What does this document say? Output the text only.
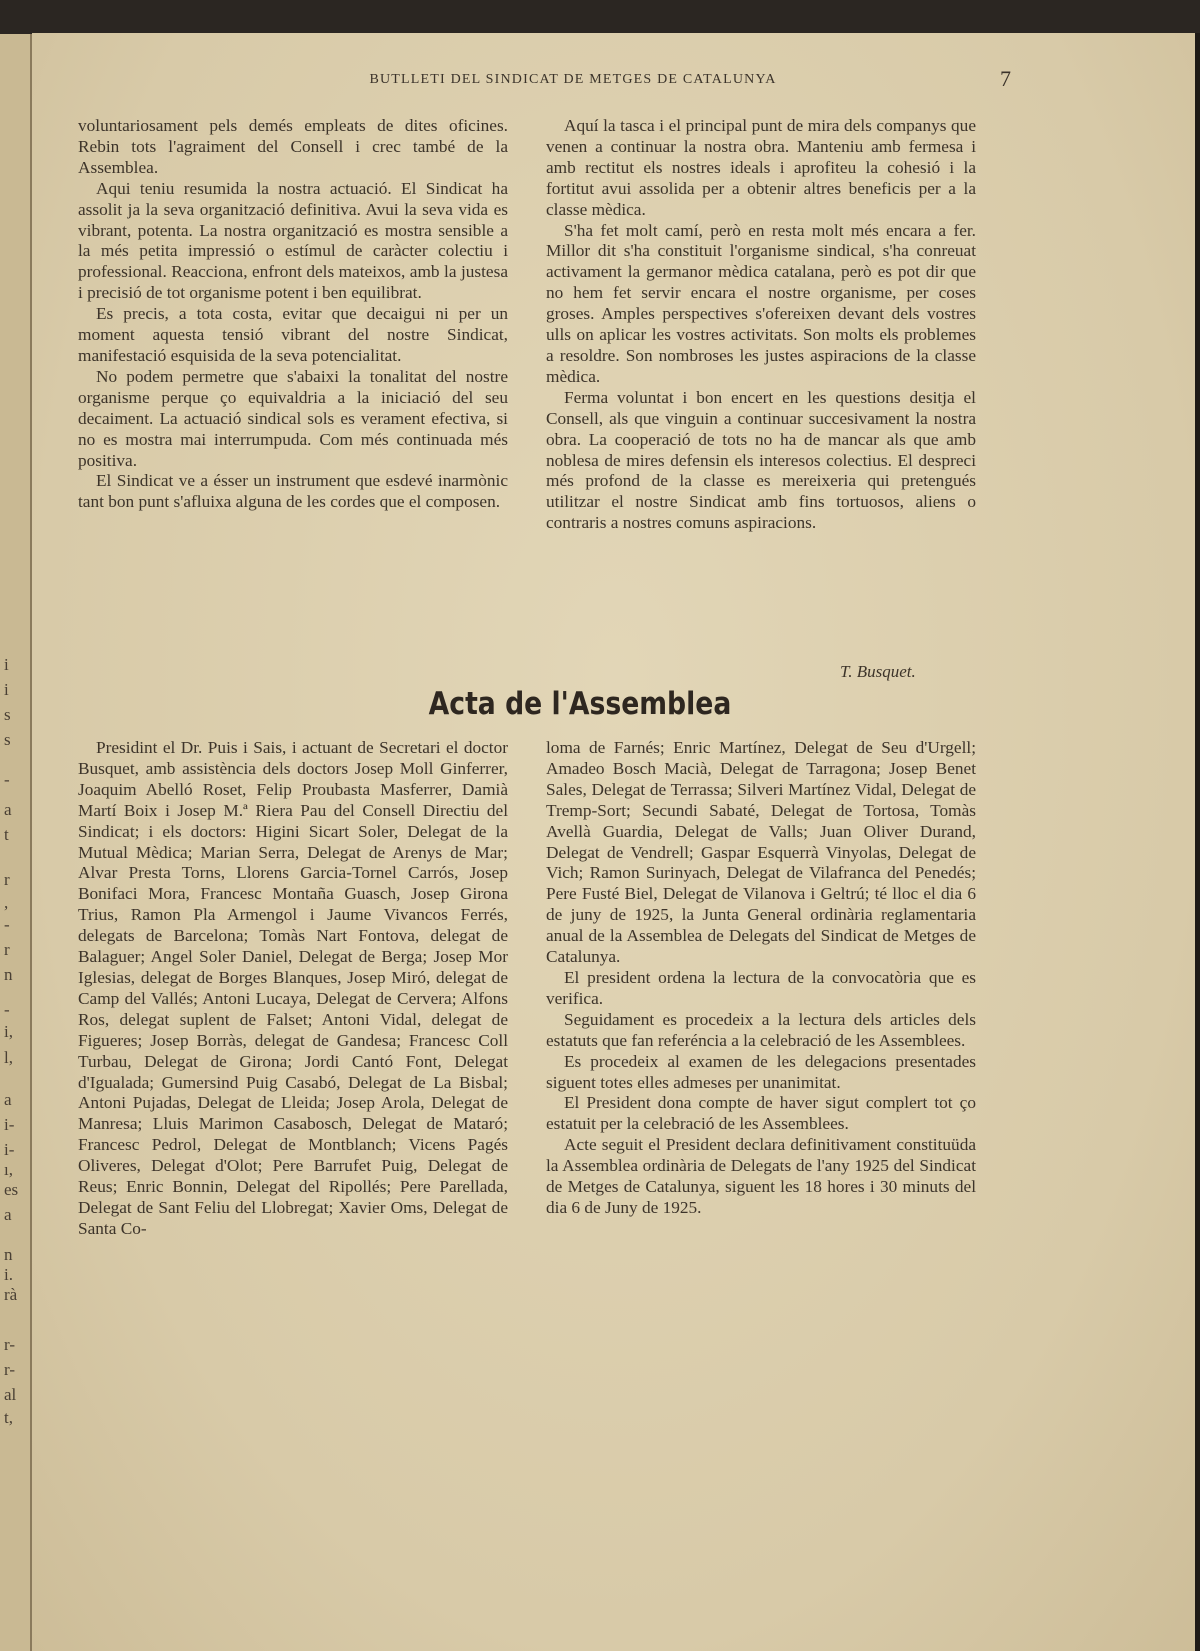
i
i
s
s
-
a
t
r
,
-
r
n
-
i,
l,
a
i-
i-
ı,
es
a
n
i.
rà
r-
r-
al
t,
BUTLLETI DEL SINDICAT DE METGES DE CATALUNYA	7

voluntariosament pels demés empleats de dites oficines. Rebin tots l'agraiment del Consell i crec també de la Assemblea.

Aqui teniu resumida la nostra actuació. El Sindicat ha assolit ja la seva organització definitiva. Avui la seva vida es vibrant, potenta. La nostra organització es mostra sensible a la més petita impressió o estímul de caràcter colectiu i professional. Reacciona, enfront dels mateixos, amb la justesa i precisió de tot organisme potent i ben equilibrat.

Es precis, a tota costa, evitar que decaigui ni per un moment aquesta tensió vibrant del nostre Sindicat, manifestació esquisida de la seva potencialitat.

No podem permetre que s'abaixi la tonalitat del nostre organisme perque ço equivaldria a la iniciació del seu decaiment. La actuació sindical sols es verament efectiva, si no es mostra mai interrumpuda. Com més continuada més positiva.

El Sindicat ve a ésser un instrument que esdevé inarmònic tant bon punt s'afluixa alguna de les cordes que el composen.

Aquí la tasca i el principal punt de mira dels companys que venen a continuar la nostra obra. Manteniu amb fermesa i amb rectitut els nostres ideals i aprofiteu la cohesió i la fortitut avui assolida per a obtenir altres beneficis per a la classe mèdica.

S'ha fet molt camí, però en resta molt més encara a fer. Millor dit s'ha constituit l'organisme sindical, s'ha conreuat activament la germanor mèdica catalana, però es pot dir que no hem fet servir encara el nostre organisme, per coses groses. Amples perspectives s'ofereixen devant dels vostres ulls on aplicar les vostres activitats. Son molts els problemes a resoldre. Son nombroses les justes aspiracions de la classe mèdica.

Ferma voluntat i bon encert en les questions desitja el Consell, als que vinguin a continuar succesivament la nostra obra. La cooperació de tots no ha de mancar als que amb noblesa de mires defensin els interesos colectius. El despreci més profond de la classe es mereixeria qui pretengués utilitzar el nostre Sindicat amb fins tortuosos, aliens o contraris a nostres comuns aspiracions.

T. Busquet.
Acta de l'Assemblea

Presidint el Dr. Puis i Sais, i actuant de Secretari el doctor Busquet, amb assistència dels doctors Josep Moll Ginferrer, Joaquim Abelló Roset, Felip Proubasta Masferrer, Damià Martí Boix i Josep M.ª Riera Pau del Consell Directiu del Sindicat; i els doctors: Higini Sicart Soler, Delegat de la Mutual Mèdica; Marian Serra, Delegat de Arenys de Mar; Alvar Presta Torns, Llorens Garcia-Tornel Carrós, Josep Bonifaci Mora, Francesc Montaña Guasch, Josep Girona Trius, Ramon Pla Armengol i Jaume Vivancos Ferrés, delegats de Barcelona; Tomàs Nart Fontova, delegat de Balaguer; Angel Soler Daniel, Delegat de Berga; Josep Mor Iglesias, delegat de Borges Blanques, Josep Miró, delegat de Camp del Vallés; Antoni Lucaya, Delegat de Cervera; Alfons Ros, delegat suplent de Falset; Antoni Vidal, delegat de Figueres; Josep Borràs, delegat de Gandesa; Francesc Coll Turbau, Delegat de Girona; Jordi Cantó Font, Delegat d'Igualada; Gumersind Puig Casabó, Delegat de La Bisbal; Antoni Pujadas, Delegat de Lleida; Josep Arola, Delegat de Manresa; Lluis Marimon Casabosch, Delegat de Mataró; Francesc Pedrol, Delegat de Montblanch; Vicens Pagés Oliveres, Delegat d'Olot; Pere Barrufet Puig, Delegat de Reus; Enric Bonnin, Delegat del Ripollés; Pere Parellada, Delegat de Sant Feliu del Llobregat; Xavier Oms, Delegat de Santa Co-

loma de Farnés; Enric Martínez, Delegat de Seu d'Urgell; Amadeo Bosch Macià, Delegat de Tarragona; Josep Benet Sales, Delegat de Terrassa; Silveri Martínez Vidal, Delegat de Tremp-Sort; Secundi Sabaté, Delegat de Tortosa, Tomàs Avellà Guardia, Delegat de Valls; Juan Oliver Durand, Delegat de Vendrell; Gaspar Esquerrà Vinyolas, Delegat de Vich; Ramon Surinyach, Delegat de Vilafranca del Penedés; Pere Fusté Biel, Delegat de Vilanova i Geltrú; té lloc el dia 6 de juny de 1925, la Junta General ordinària reglamentaria anual de la Assemblea de Delegats del Sindicat de Metges de Catalunya.

El president ordena la lectura de la convocatòria que es verifica.

Seguidament es procedeix a la lectura dels articles dels estatuts que fan referéncia a la celebració de les Assemblees.

Es procedeix al examen de les delegacions presentades siguent totes elles admeses per unanimitat.

El President dona compte de haver sigut complert tot ço estatuit per la celebració de les Assemblees.

Acte seguit el President declara definitivament constituüda la Assemblea ordinària de Delegats de l'any 1925 del Sindicat de Metges de Catalunya, siguent les 18 hores i 30 minuts del dia 6 de Juny de 1925.
